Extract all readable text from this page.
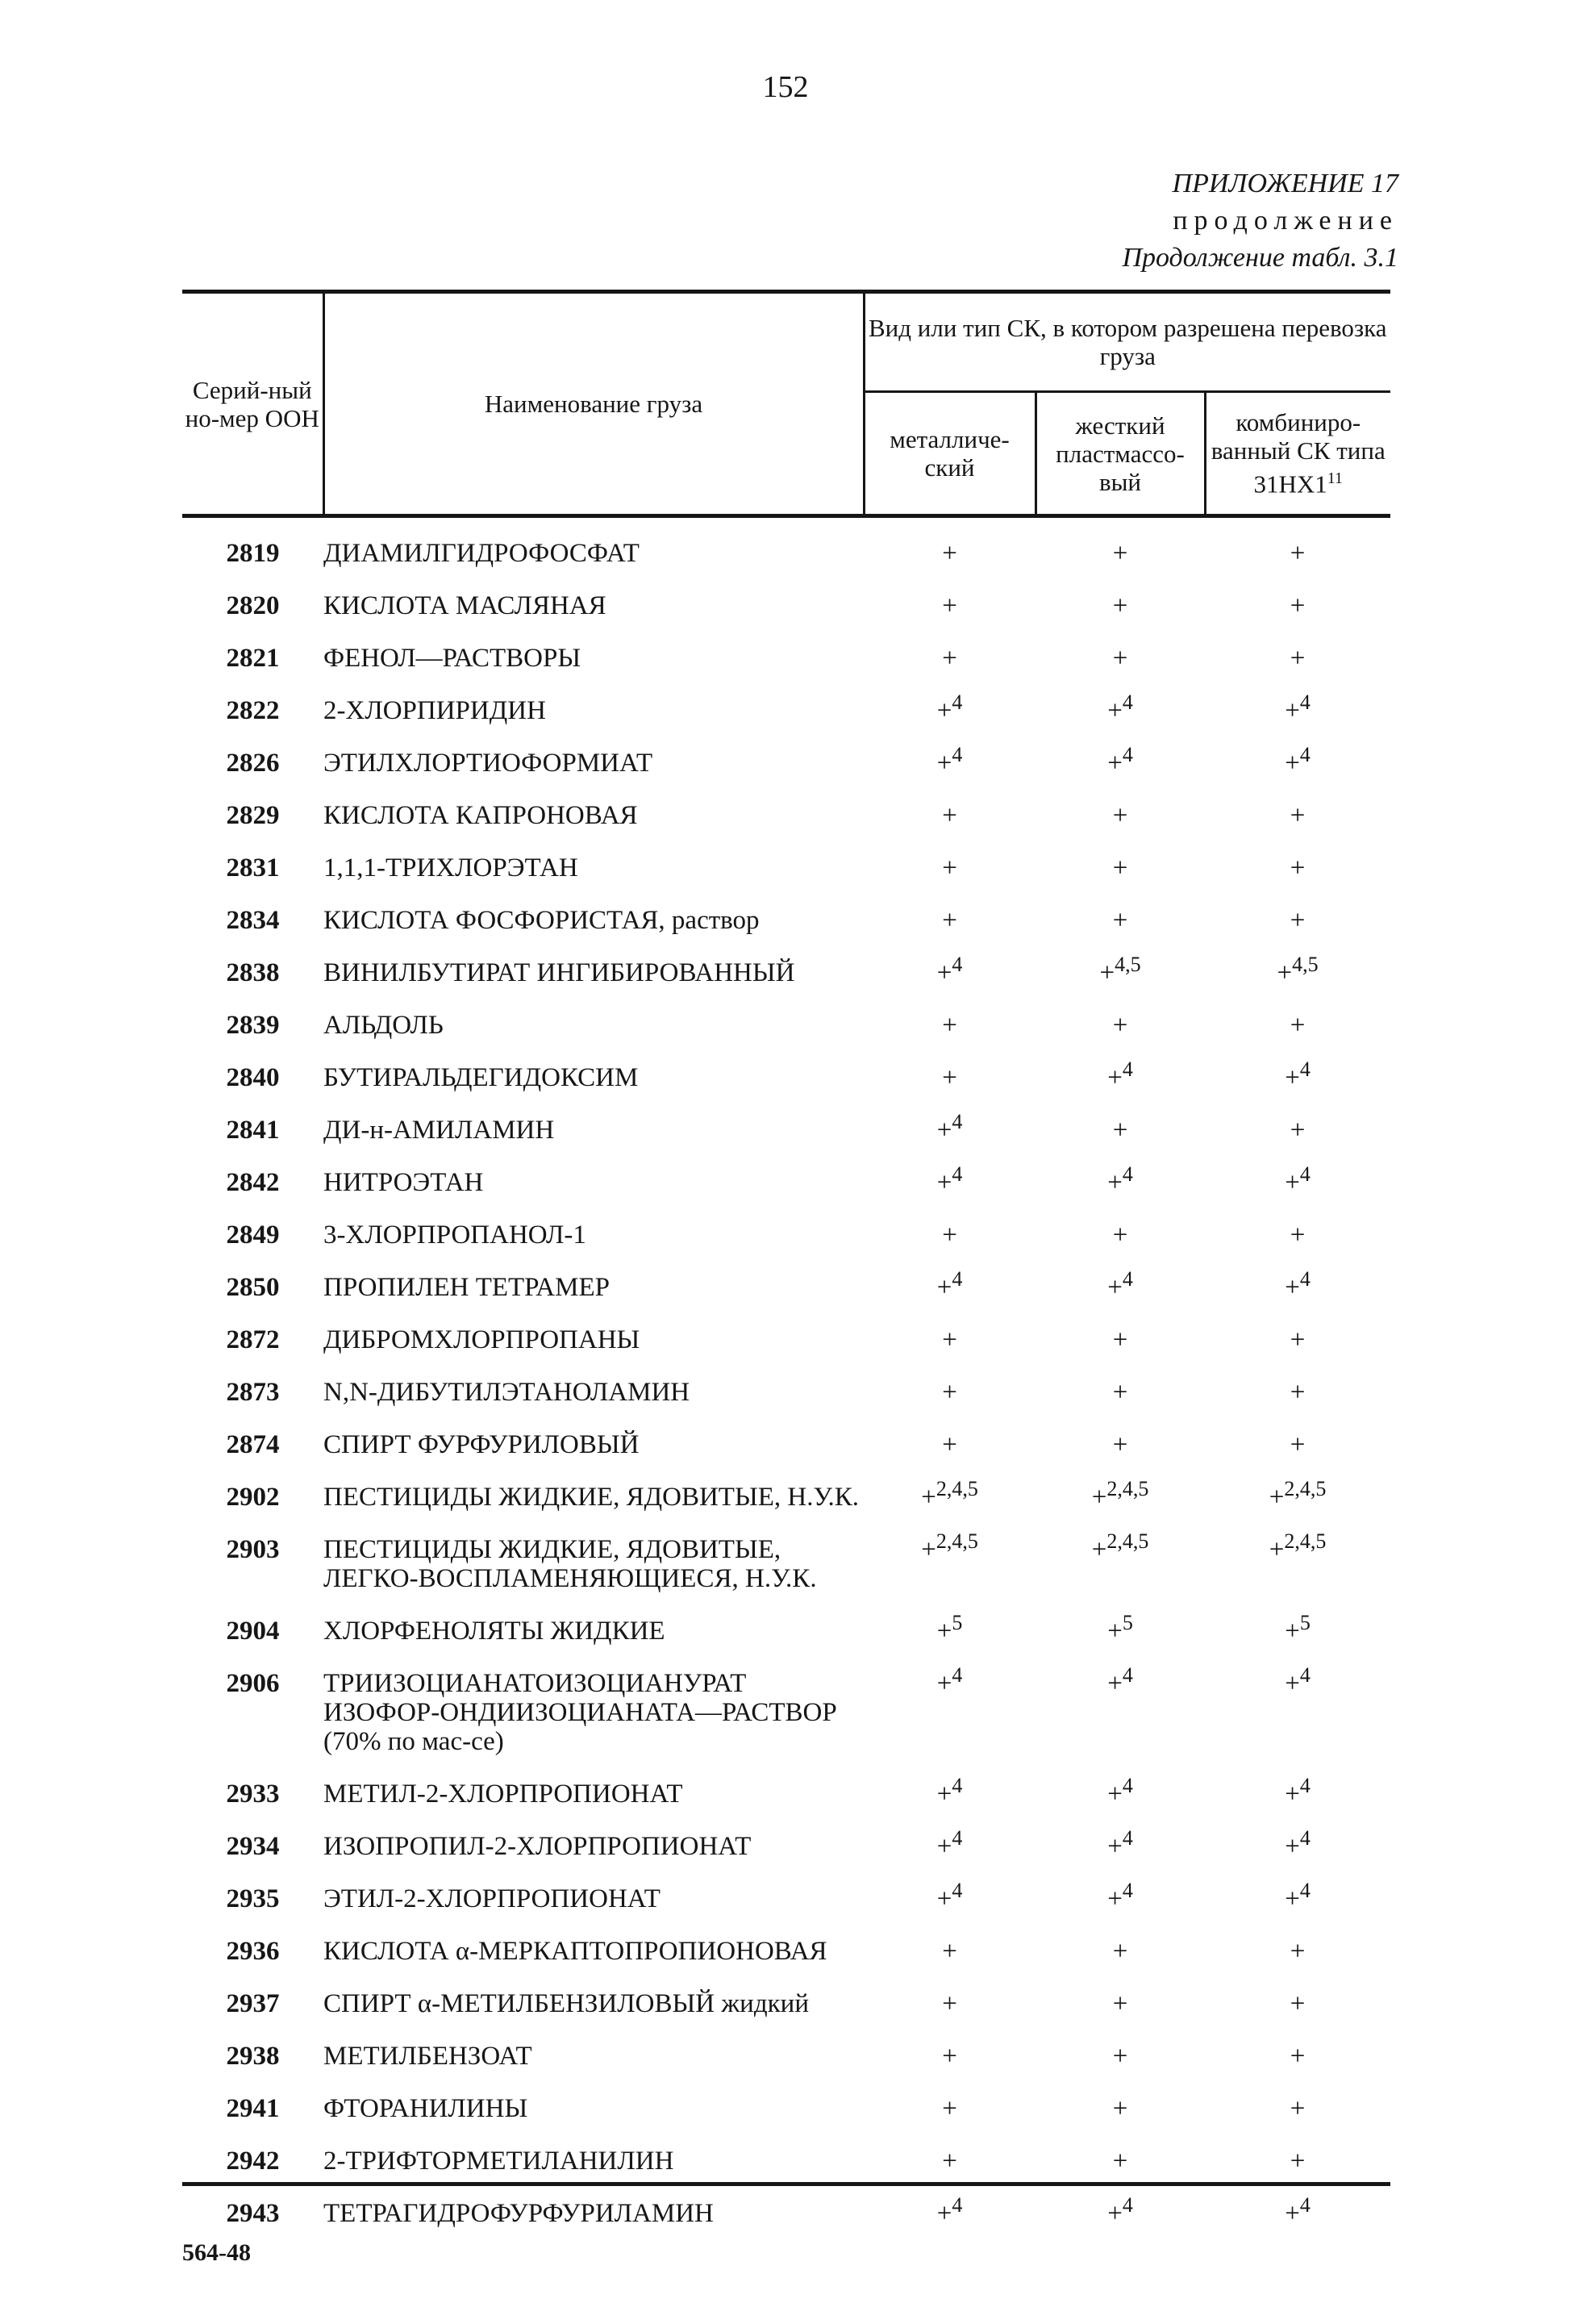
152
ПРИЛОЖЕНИЕ 17
продолжение
Продолжение табл. 3.1
Серий-ный но-мер ООН	Наименование груза	Вид или тип СК, в котором разрешена перевозка груза		
		металличе-ский	жесткий пластмассо-вый	комбиниро-ванный СК типа $31НХ1^{11}$
2819	ДИАМИЛГИДРОФОСФАТ	+	+	+
2820	КИСЛОТА МАСЛЯНАЯ	+	+	+
2821	ФЕНОЛ—РАСТВОРЫ	+	+	+
2822	2-ХЛОРПИРИДИН	+$^4$	+$^4$	+$^4$
2826	ЭТИЛХЛОРТИОФОРМИАТ	+$^4$	+$^4$	+$^4$
2829	КИСЛОТА КАПРОНОВАЯ	+	+	+
2831	1,1,1-ТРИХЛОРЭТАН	+	+	+
2834	КИСЛОТА ФОСФОРИСТАЯ, раствор	+	+	+
2838	ВИНИЛБУТИРАТ ИНГИБИРОВАННЫЙ	+$^4$	+$^{4,5}$	+$^{4,5}$
2839	АЛЬДОЛЬ	+	+	+
2840	БУТИРАЛЬДЕГИДОКСИМ	+	+$^4$	+$^4$
2841	ДИ-н-АМИЛАМИН	+$^4$	+	+
2842	НИТРОЭТАН	+$^4$	+$^4$	+$^4$
2849	3-ХЛОРПРОПАНОЛ-1	+	+	+
2850	ПРОПИЛЕН ТЕТРАМЕР	+$^4$	+$^4$	+$^4$
2872	ДИБРОМХЛОРПРОПАНЫ	+	+	+
2873	N,N-ДИБУТИЛЭТАНОЛАМИН	+	+	+
2874	СПИРТ ФУРФУРИЛОВЫЙ	+	+	+
2902	ПЕСТИЦИДЫ ЖИДКИЕ, ЯДОВИТЫЕ, Н.У.К.	+$^{2,4,5}$	+$^{2,4,5}$	+$^{2,4,5}$
2903	ПЕСТИЦИДЫ ЖИДКИЕ, ЯДОВИТЫЕ, ЛЕГКО-ВОСПЛАМЕНЯЮЩИЕСЯ, Н.У.К.	+$^{2,4,5}$	+$^{2,4,5}$	+$^{2,4,5}$
2904	ХЛОРФЕНОЛЯТЫ ЖИДКИЕ	+$^5$	+$^5$	+$^5$
2906	ТРИИЗОЦИАНАТОИЗОЦИАНУРАТ ИЗОФОР-ОНДИИЗОЦИАНАТА—РАСТВОР (70% по мас-се)	+$^4$	+$^4$	+$^4$
2933	МЕТИЛ-2-ХЛОРПРОПИОНАТ	+$^4$	+$^4$	+$^4$
2934	ИЗОПРОПИЛ-2-ХЛОРПРОПИОНАТ	+$^4$	+$^4$	+$^4$
2935	ЭТИЛ-2-ХЛОРПРОПИОНАТ	+$^4$	+$^4$	+$^4$
2936	КИСЛОТА α-МЕРКАПТОПРОПИОНОВАЯ	+	+	+
2937	СПИРТ α-МЕТИЛБЕНЗИЛОВЫЙ жидкий	+	+	+
2938	МЕТИЛБЕНЗОАТ	+	+	+
2941	ФТОРАНИЛИНЫ	+	+	+
2942	2-ТРИФТОРМЕТИЛАНИЛИН	+	+	+
2943	ТЕТРАГИДРОФУРФУРИЛАМИН	+$^4$	+$^4$	+$^4$
564-48
